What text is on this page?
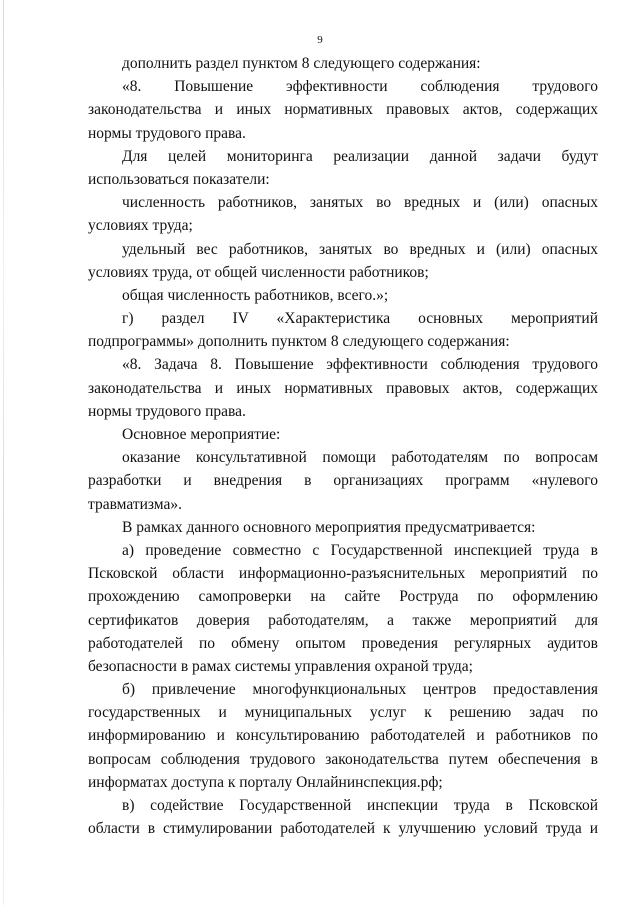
9
дополнить раздел пунктом 8 следующего содержания:
«8. Повышение эффективности соблюдения трудового
законодательства и иных нормативных правовых актов, содержащих
нормы трудового права.
Для целей мониторинга реализации данной задачи будут
использоваться показатели:
численность работников, занятых во вредных и (или) опасных
условиях труда;
удельный вес работников, занятых во вредных и (или) опасных
условиях труда, от общей численности работников;
общая численность работников, всего.»;
г) раздел IV «Характеристика основных мероприятий
подпрограммы» дополнить пунктом 8 следующего содержания:
«8. Задача 8. Повышение эффективности соблюдения трудового
законодательства и иных нормативных правовых актов, содержащих
нормы трудового права.
Основное мероприятие:
оказание консультативной помощи работодателям по вопросам
разработки и внедрения в организациях программ «нулевого
травматизма».
В рамках данного основного мероприятия предусматривается:
а) проведение совместно с Государственной инспекцией труда в
Псковской области информационно-разъяснительных мероприятий по
прохождению самопроверки на сайте Роструда по оформлению
сертификатов доверия работодателям, а также мероприятий для
работодателей по обмену опытом проведения регулярных аудитов
безопасности в рамах системы управления охраной труда;
б) привлечение многофункциональных центров предоставления
государственных и муниципальных услуг к решению задач по
информированию и консультированию работодателей и работников по
вопросам соблюдения трудового законодательства путем обеспечения в
информатах доступа к порталу Онлайнинспекция.рф;
в) содействие Государственной инспекции труда в Псковской
области в стимулировании работодателей к улучшению условий труда и
